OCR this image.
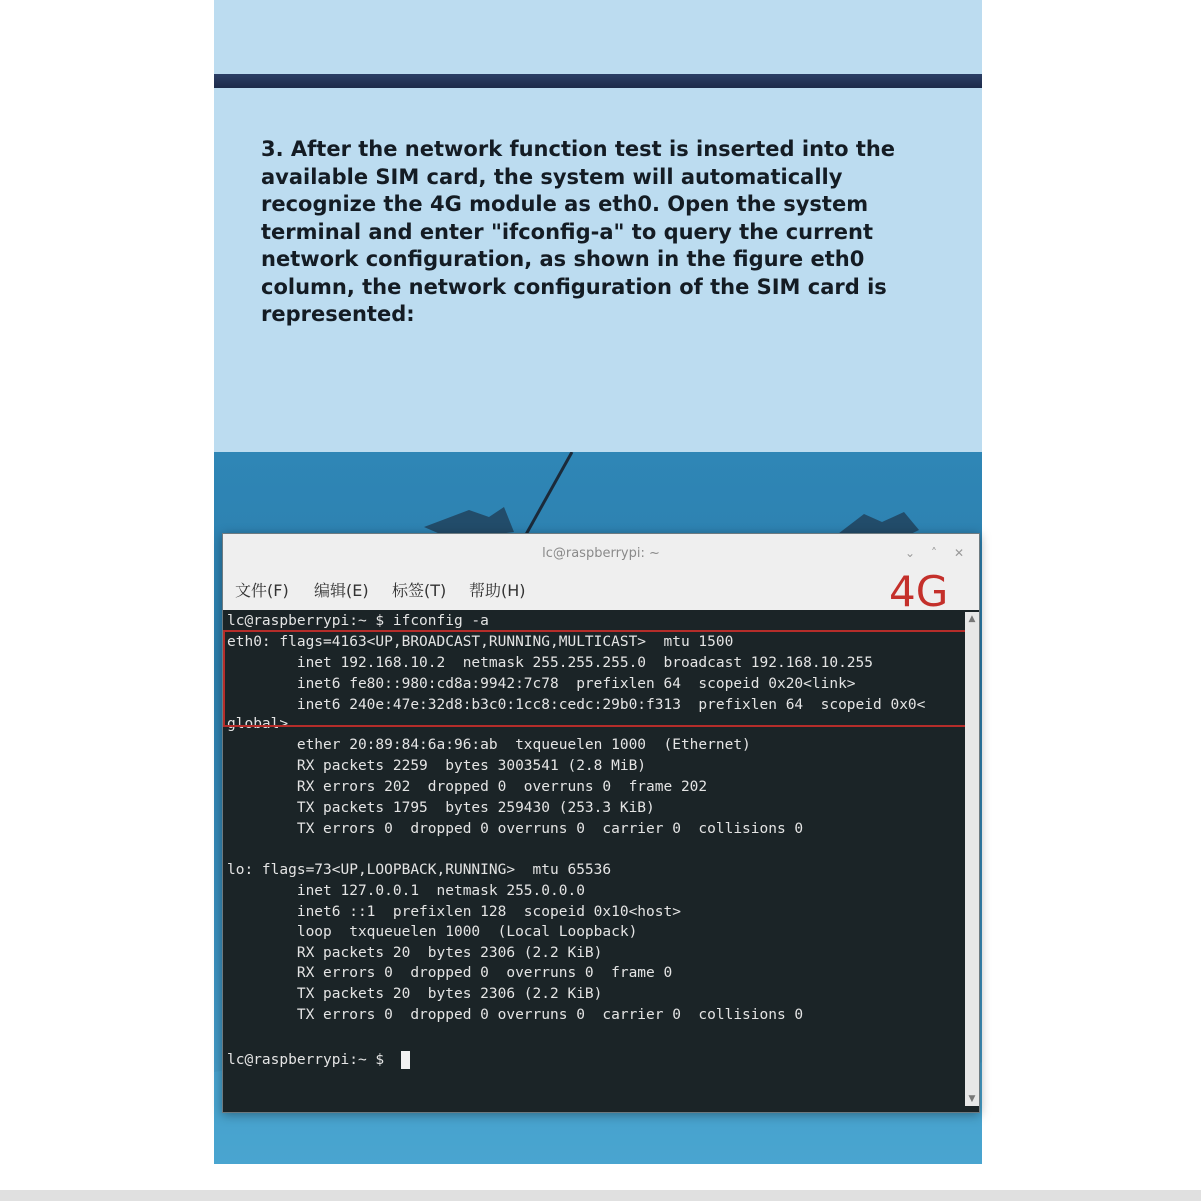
3. After the network function test is inserted into the available SIM card, the system will automatically recognize the 4G module as eth0. Open the system terminal and enter "ifconfig-a" to query the current network configuration, as shown in the figure eth0 column, the network configuration of the SIM card is represented:

lc@raspberrypi: ~	⌄	˄	✕
文件(F) 编辑(E) 标签(T) 帮助(H)	4G
lc@raspberrypi:~ $ ifconfig -a
eth0: flags=4163<UP,BROADCAST,RUNNING,MULTICAST>  mtu 1500
inet 192.168.10.2  netmask 255.255.255.0  broadcast 192.168.10.255
inet6 fe80::980:cd8a:9942:7c78  prefixlen 64  scopeid 0x20<link>
inet6 240e:47e:32d8:b3c0:1cc8:cedc:29b0:f313  prefixlen 64  scopeid 0x0<
global>
ether 20:89:84:6a:96:ab  txqueuelen 1000  (Ethernet)
RX packets 2259  bytes 3003541 (2.8 MiB)
RX errors 202  dropped 0  overruns 0  frame 202
TX packets 1795  bytes 259430 (253.3 KiB)
TX errors 0  dropped 0 overruns 0  carrier 0  collisions 0
lo: flags=73<UP,LOOPBACK,RUNNING>  mtu 65536
inet 127.0.0.1  netmask 255.0.0.0
inet6 ::1  prefixlen 128  scopeid 0x10<host>
loop  txqueuelen 1000  (Local Loopback)
RX packets 20  bytes 2306 (2.2 KiB)
RX errors 0  dropped 0  overruns 0  frame 0
TX packets 20  bytes 2306 (2.2 KiB)
TX errors 0  dropped 0 overruns 0  carrier 0  collisions 0
lc@raspberrypi:~ $
▲
▼
